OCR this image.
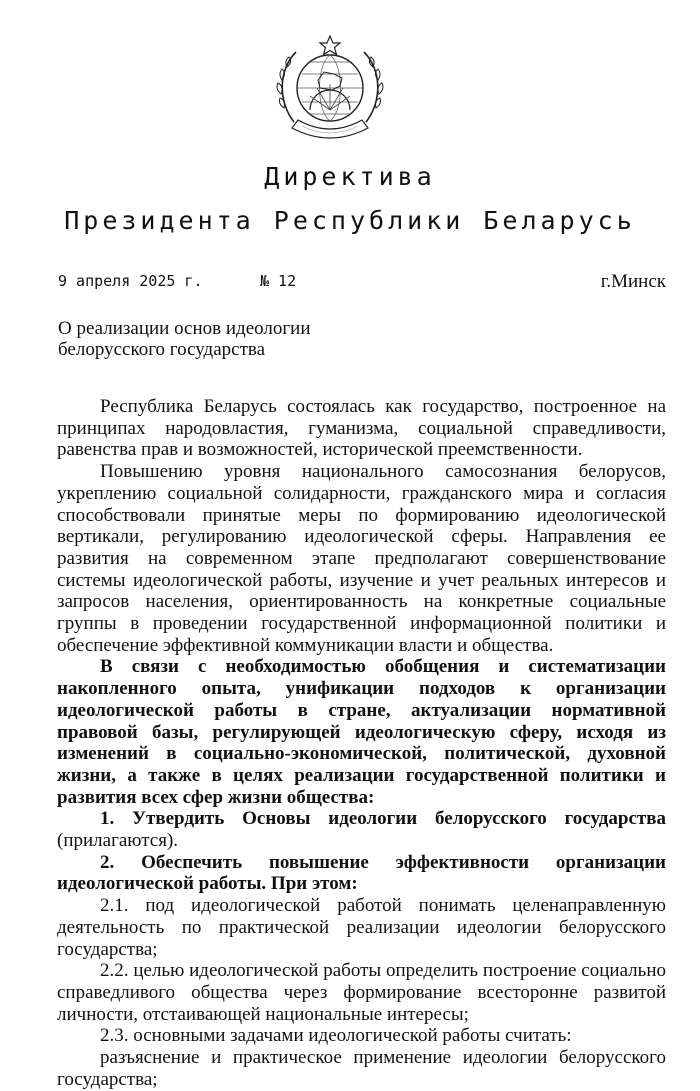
Директива
Президента Республики Беларусь
9 апреля 2025 г.	№ 12	г.Минск
О реализации основ идеологии
белорусского государства

Республика Беларусь состоялась как государство, построенное на принципах народовластия, гуманизма, социальной справедливости, равенства прав и возможностей, исторической преемственности.

Повышению уровня национального самосознания белорусов, укреплению социальной солидарности, гражданского мира и согласия способствовали принятые меры по формированию идеологической вертикали, регулированию идеологической сферы. Направления ее развития на современном этапе предполагают совершенствование системы идеологической работы, изучение и учет реальных интересов и запросов населения, ориентированность на конкретные социальные группы в проведении государственной информационной политики и обеспечение эффективной коммуникации власти и общества.

В связи с необходимостью обобщения и систематизации накопленного опыта, унификации подходов к организации идеологической работы в стране, актуализации нормативной правовой базы, регулирующей идеологическую сферу, исходя из изменений в социально-экономической, политической, духовной жизни, а также в целях реализации государственной политики и развития всех сфер жизни общества:

1. Утвердить Основы идеологии белорусского государства (прилагаются).

2. Обеспечить повышение эффективности организации идеологической работы. При этом:

2.1. под идеологической работой понимать целенаправленную деятельность по практической реализации идеологии белорусского государства;

2.2. целью идеологической работы определить построение социально справедливого общества через формирование всесторонне развитой личности, отстаивающей национальные интересы;

2.3. основными задачами идеологической работы считать:

разъяснение и практическое применение идеологии белорусского государства;
